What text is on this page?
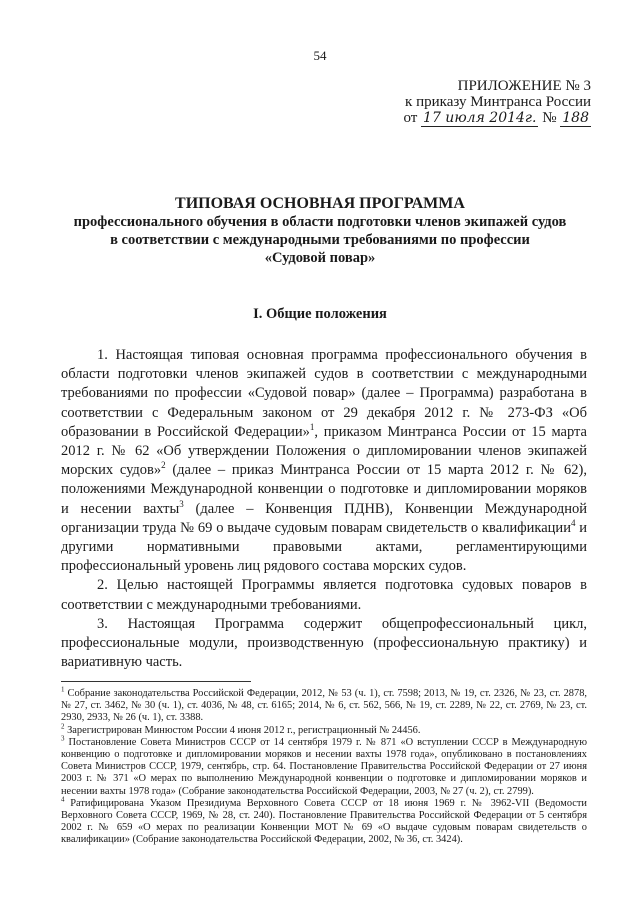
54
ПРИЛОЖЕНИЕ № 3
к приказу Минтранса России
от 17 июля 2014г. № 188
ТИПОВАЯ ОСНОВНАЯ ПРОГРАММА
профессионального обучения в области подготовки членов экипажей судов
в соответствии с международными требованиями по профессии
«Судовой повар»
I. Общие положения

1. Настоящая типовая основная программа профессионального обучения в области подготовки членов экипажей судов в соответствии с международными требованиями по профессии «Судовой повар» (далее – Программа) разработана в соответствии с Федеральным законом от 29 декабря 2012 г. № 273-ФЗ «Об образовании в Российской Федерации»$^1$, приказом Минтранса России от 15 марта 2012 г. № 62 «Об утверждении Положения о дипломировании членов экипажей морских судов»$^2$ (далее – приказ Минтранса России от 15 марта 2012 г. № 62), положениями Международной конвенции о подготовке и дипломировании моряков и несении вахты$^3$ (далее – Конвенция ПДНВ), Конвенции Международной организации труда № 69 о выдаче судовым поварам свидетельств о квалификации$^4$ и другими нормативными правовыми актами, регламентирующими профессиональный уровень лиц рядового состава морских судов.

2. Целью настоящей Программы является подготовка судовых поваров в соответствии с международными требованиями.

3. Настоящая Программа содержит общепрофессиональный цикл, профессиональные модули, производственную (профессиональную практику) и вариативную часть.

$^1$ Собрание законодательства Российской Федерации, 2012, № 53 (ч. 1), ст. 7598; 2013, № 19, ст. 2326, № 23, ст. 2878, № 27, ст. 3462, № 30 (ч. 1), ст. 4036, № 48, ст. 6165; 2014, № 6, ст. 562, 566, № 19, ст. 2289, № 22, ст. 2769, № 23, ст. 2930, 2933, № 26 (ч. 1), ст. 3388.

$^2$ Зарегистрирован Минюстом России 4 июня 2012 г., регистрационный № 24456.

$^3$ Постановление Совета Министров СССР от 14 сентября 1979 г. № 871 «О вступлении СССР в Международную конвенцию о подготовке и дипломировании моряков и несении вахты 1978 года», опубликовано в постановлениях Совета Министров СССР, 1979, сентябрь, стр. 64. Постановление Правительства Российской Федерации от 27 июня 2003 г. № 371 «О мерах по выполнению Международной конвенции о подготовке и дипломировании моряков и несении вахты 1978 года» (Собрание законодательства Российской Федерации, 2003, № 27 (ч. 2), ст. 2799).

$^4$ Ратифицирована Указом Президиума Верховного Совета СССР от 18 июня 1969 г. № 3962-VII (Ведомости Верховного Совета СССР, 1969, № 28, ст. 240). Постановление Правительства Российской Федерации от 5 сентября 2002 г. № 659 «О мерах по реализации Конвенции МОТ № 69 «О выдаче судовым поварам свидетельств о квалификации» (Собрание законодательства Российской Федерации, 2002, № 36, ст. 3424).
